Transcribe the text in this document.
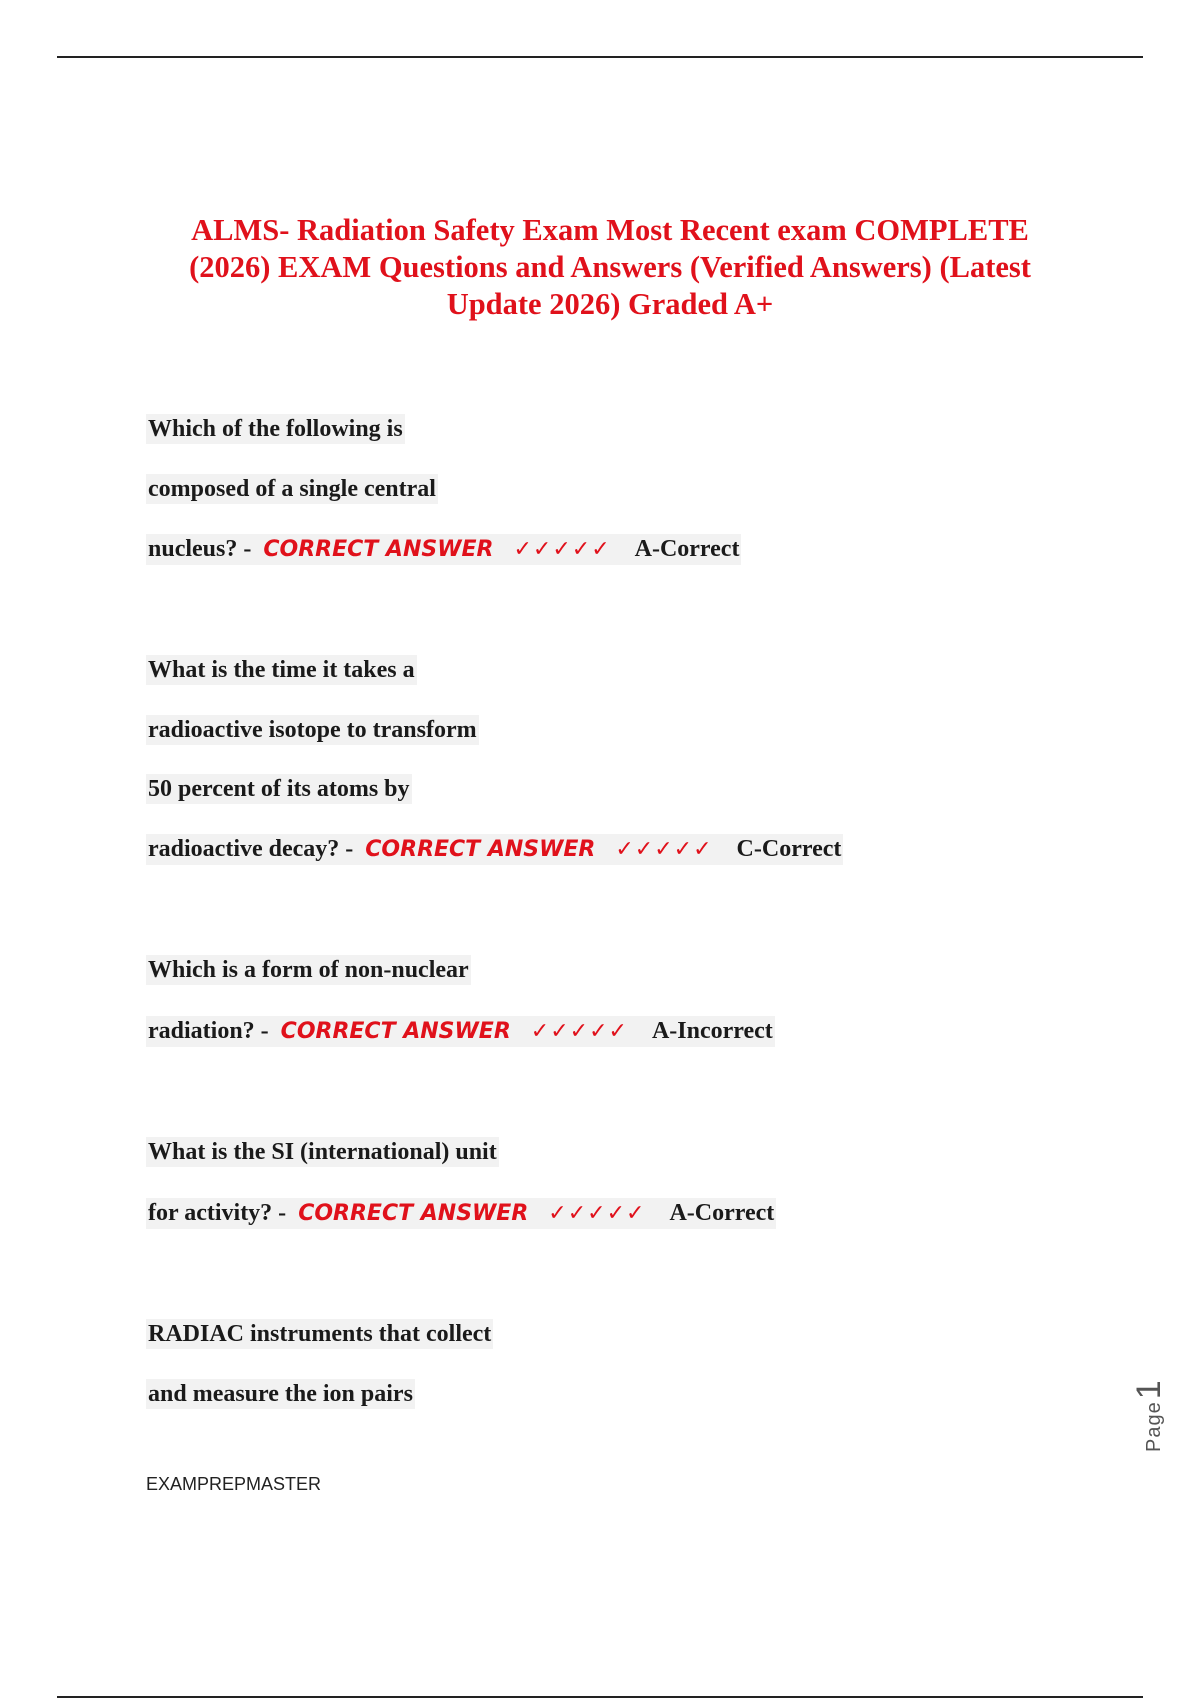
ALMS- Radiation Safety Exam Most Recent exam COMPLETE (2026) EXAM Questions and Answers (Verified Answers) (Latest Update 2026) Graded A+
Which of the following is
composed of a single central
nucleus? - CORRECT ANSWER ✓✓✓✓✓ A-Correct
What is the time it takes a
radioactive isotope to transform
50 percent of its atoms by
radioactive decay? - CORRECT ANSWER ✓✓✓✓✓ C-Correct
Which is a form of non-nuclear
radiation? - CORRECT ANSWER ✓✓✓✓✓ A-Incorrect
What is the SI (international) unit
for activity? - CORRECT ANSWER ✓✓✓✓✓ A-Correct
RADIAC instruments that collect
and measure the ion pairs
EXAMPREPMASTER
Page1
